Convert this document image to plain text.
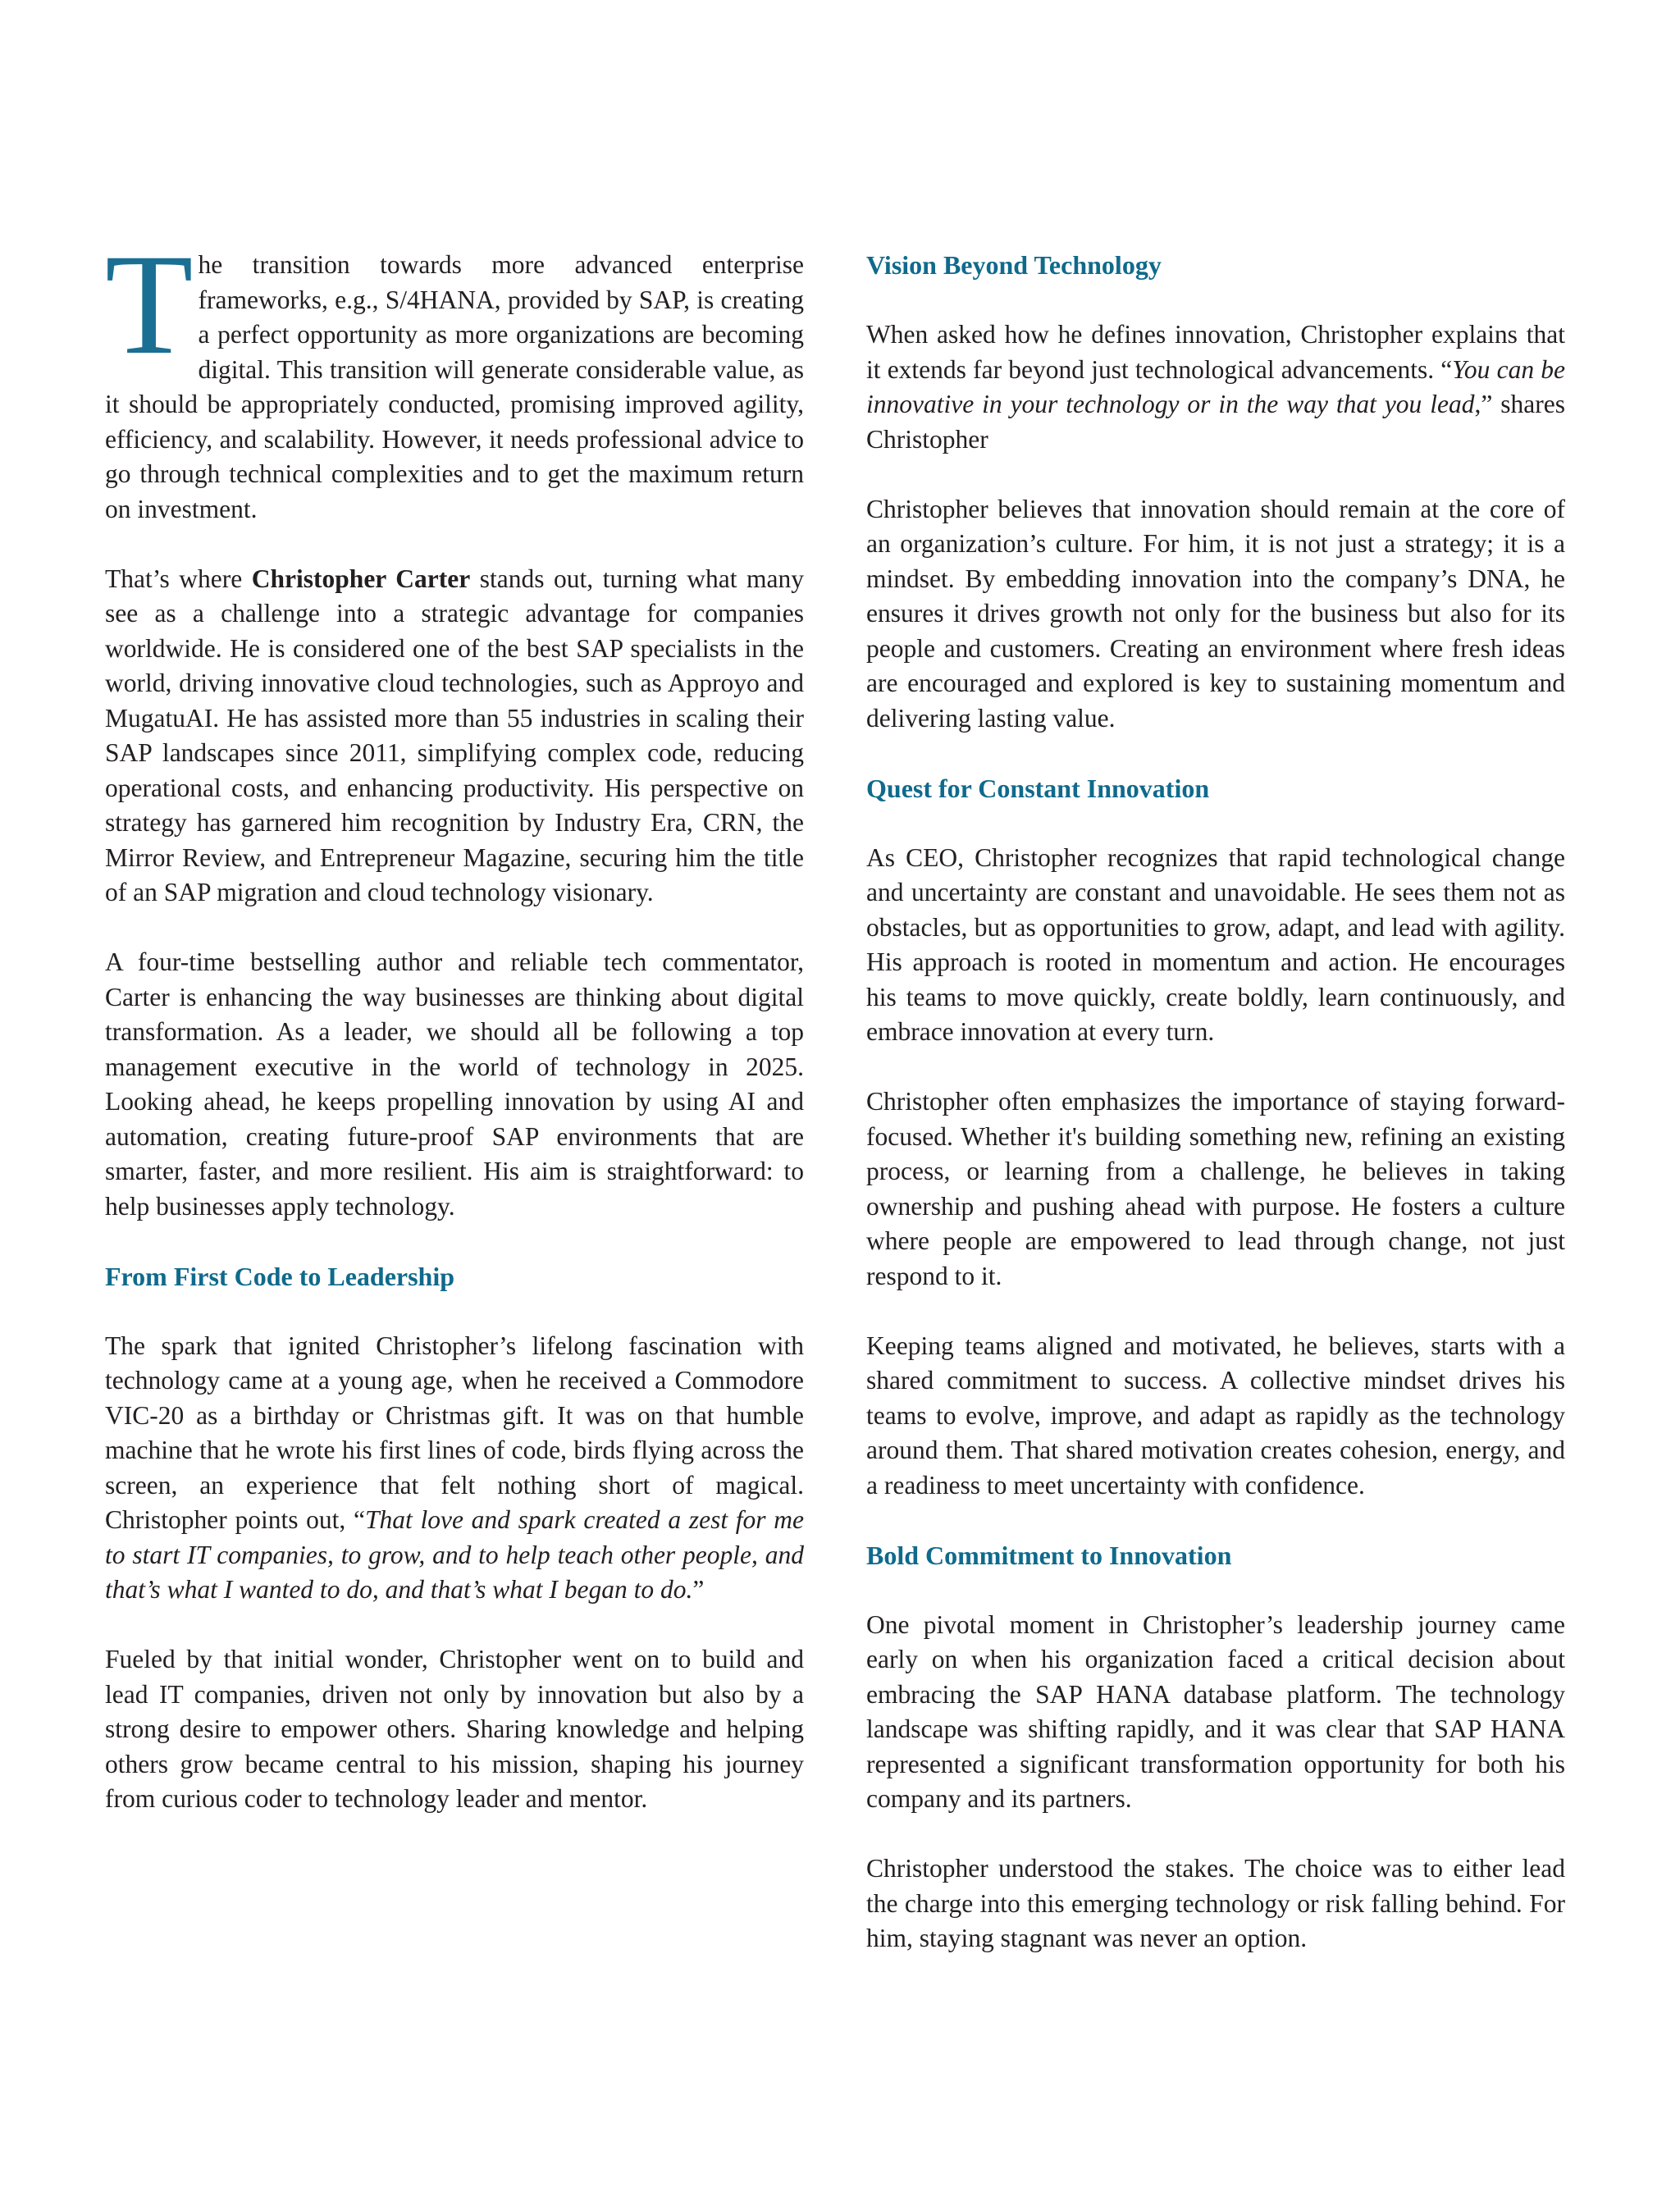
The transition towards more advanced enterprise frameworks, e.g., S/4HANA, provided by SAP, is creating a perfect opportunity as more organizations are becoming digital. This transition will generate considerable value, as it should be appropriately conducted, promising improved agility, efficiency, and scalability. However, it needs professional advice to go through technical complexities and to get the maximum return on investment.

That’s where Christopher Carter stands out, turning what many see as a challenge into a strategic advantage for companies worldwide. He is considered one of the best SAP specialists in the world, driving innovative cloud technologies, such as Approyo and MugatuAI. He has assisted more than 55 industries in scaling their SAP landscapes since 2011, simplifying complex code, reducing operational costs, and enhancing productivity. His perspective on strategy has garnered him recognition by Industry Era, CRN, the Mirror Review, and Entrepreneur Magazine, securing him the title of an SAP migration and cloud technology visionary.

A four-time bestselling author and reliable tech commentator, Carter is enhancing the way businesses are thinking about digital transformation. As a leader, we should all be following a top management executive in the world of technology in 2025. Looking ahead, he keeps propelling innovation by using AI and automation, creating future-proof SAP environments that are smarter, faster, and more resilient. His aim is straightforward: to help businesses apply technology.

From First Code to Leadership

The spark that ignited Christopher’s lifelong fascination with technology came at a young age, when he received a Commodore VIC-20 as a birthday or Christmas gift. It was on that humble machine that he wrote his first lines of code, birds flying across the screen, an experience that felt nothing short of magical. Christopher points out, “That love and spark created a zest for me to start IT companies, to grow, and to help teach other people, and that’s what I wanted to do, and that’s what I began to do.”

Fueled by that initial wonder, Christopher went on to build and lead IT companies, driven not only by innovation but also by a strong desire to empower others. Sharing knowledge and helping others grow became central to his mission, shaping his journey from curious coder to technology leader and mentor.

Vision Beyond Technology

When asked how he defines innovation, Christopher explains that it extends far beyond just technological advancements. “You can be innovative in your technology or in the way that you lead,” shares Christopher

Christopher believes that innovation should remain at the core of an organization’s culture. For him, it is not just a strategy; it is a mindset. By embedding innovation into the company’s DNA, he ensures it drives growth not only for the business but also for its people and customers. Creating an environment where fresh ideas are encouraged and explored is key to sustaining momentum and delivering lasting value.

Quest for Constant Innovation

As CEO, Christopher recognizes that rapid technological change and uncertainty are constant and unavoidable. He sees them not as obstacles, but as opportunities to grow, adapt, and lead with agility. His approach is rooted in momentum and action. He encourages his teams to move quickly, create boldly, learn continuously, and embrace innovation at every turn.

Christopher often emphasizes the importance of staying forward-focused. Whether it's building something new, refining an existing process, or learning from a challenge, he believes in taking ownership and pushing ahead with purpose. He fosters a culture where people are empowered to lead through change, not just respond to it.

Keeping teams aligned and motivated, he believes, starts with a shared commitment to success. A collective mindset drives his teams to evolve, improve, and adapt as rapidly as the technology around them. That shared motivation creates cohesion, energy, and a readiness to meet uncertainty with confidence.

Bold Commitment to Innovation

One pivotal moment in Christopher’s leadership journey came early on when his organization faced a critical decision about embracing the SAP HANA database platform. The technology landscape was shifting rapidly, and it was clear that SAP HANA represented a significant transformation opportunity for both his company and its partners.

Christopher understood the stakes. The choice was to either lead the charge into this emerging technology or risk falling behind. For him, staying stagnant was never an option.
